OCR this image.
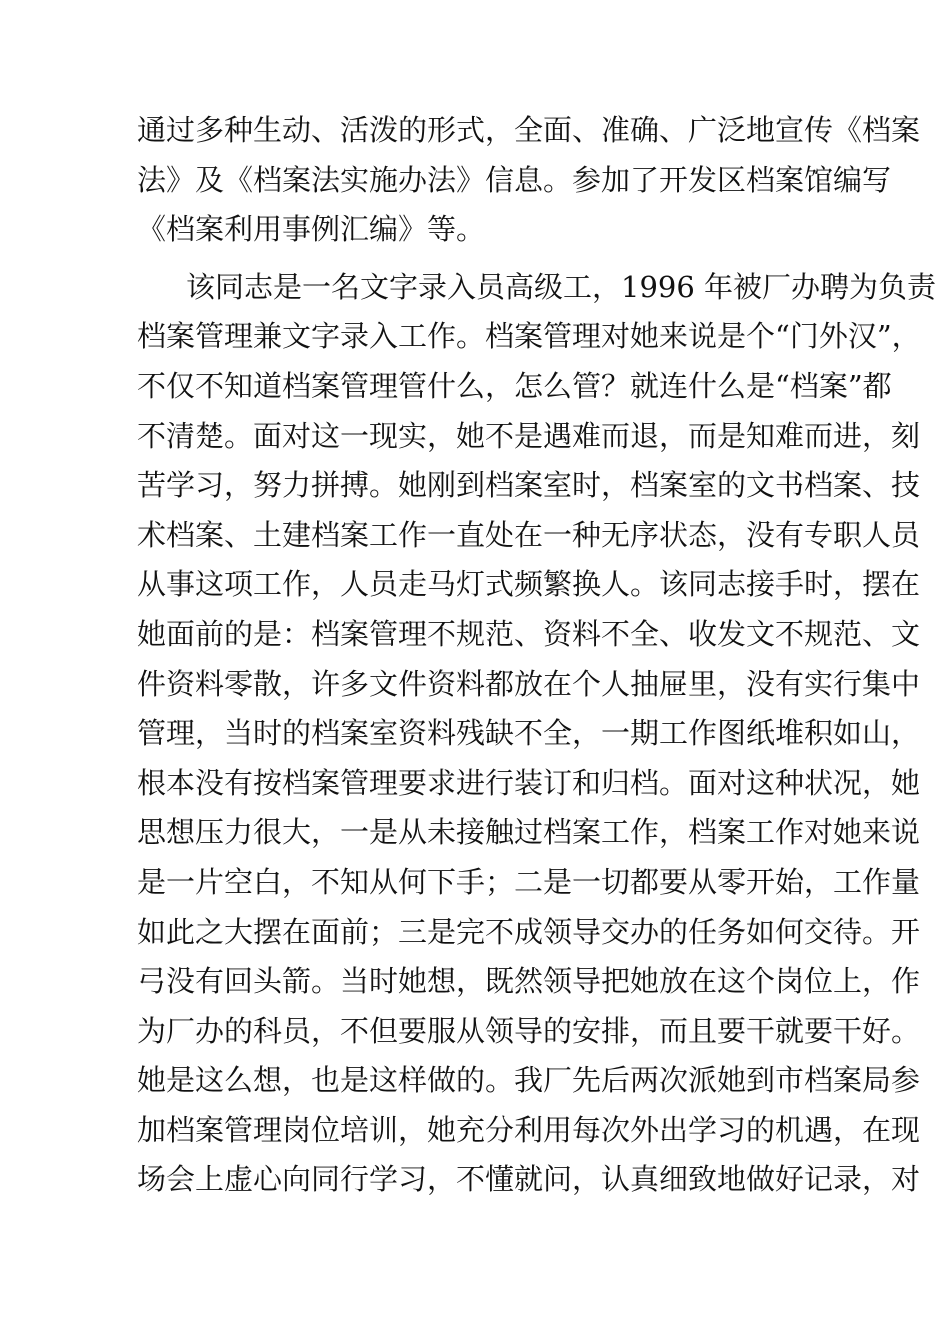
通过多种生动、活泼的形式，全面、准确、广泛地宣传《档案
法》及《档案法实施办法》信息。参加了开发区档案馆编写
《档案利用事例汇编》等。
该同志是一名文字录入员高级工，1996 年被厂办聘为负责
档案管理兼文字录入工作。档案管理对她来说是个“门外汉”，
不仅不知道档案管理管什么，怎么管？就连什么是“档案”都
不清楚。面对这一现实，她不是遇难而退，而是知难而进，刻
苦学习，努力拼搏。她刚到档案室时，档案室的文书档案、技
术档案、土建档案工作一直处在一种无序状态，没有专职人员
从事这项工作，人员走马灯式频繁换人。该同志接手时，摆在
她面前的是：档案管理不规范、资料不全、收发文不规范、文
件资料零散，许多文件资料都放在个人抽屉里，没有实行集中
管理，当时的档案室资料残缺不全，一期工作图纸堆积如山，
根本没有按档案管理要求进行装订和归档。面对这种状况，她
思想压力很大，一是从未接触过档案工作，档案工作对她来说
是一片空白，不知从何下手；二是一切都要从零开始，工作量
如此之大摆在面前；三是完不成领导交办的任务如何交待。开
弓没有回头箭。当时她想，既然领导把她放在这个岗位上，作
为厂办的科员，不但要服从领导的安排，而且要干就要干好。
她是这么想，也是这样做的。我厂先后两次派她到市档案局参
加档案管理岗位培训，她充分利用每次外出学习的机遇，在现
场会上虚心向同行学习，不懂就问，认真细致地做好记录，对
